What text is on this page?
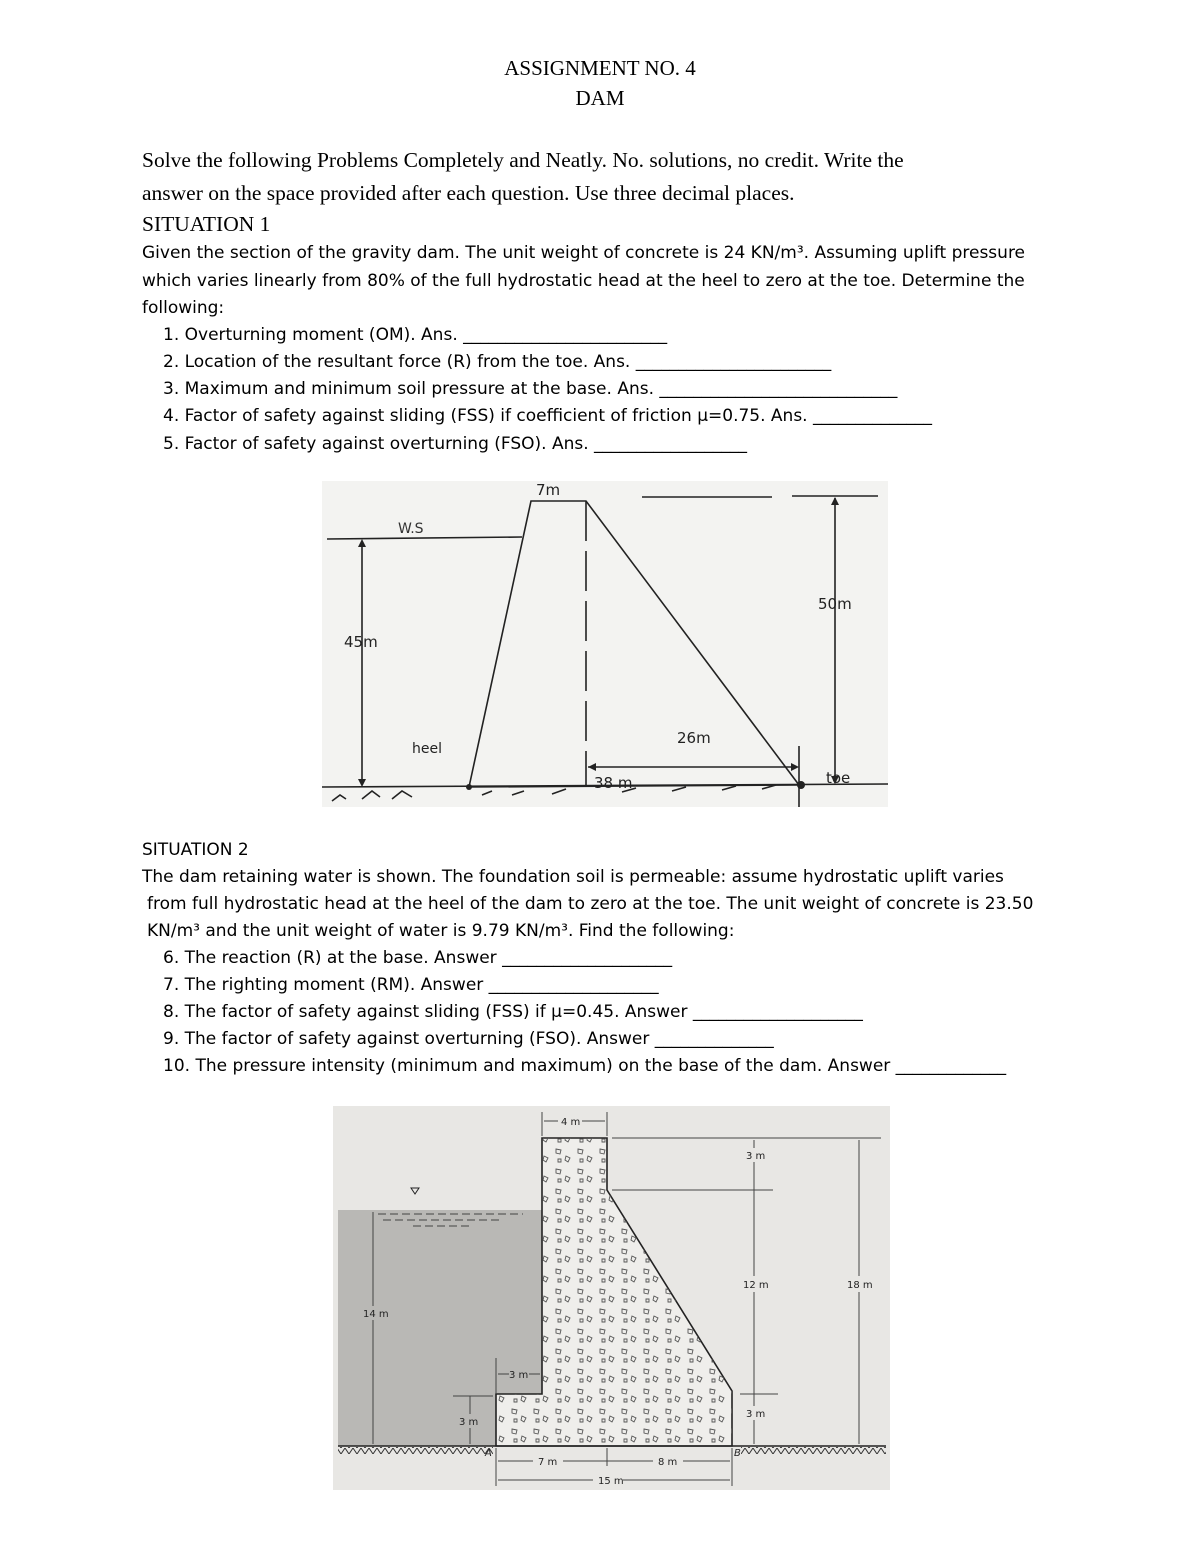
ASSIGNMENT NO. 4
DAM
Solve the following Problems Completely and Neatly. No. solutions, no credit. Write the
answer on the space provided after each question. Use three decimal places.
SITUATION 1
Given the section of the gravity dam. The unit weight of concrete is 24 KN/m³. Assuming uplift pressure
which varies linearly from 80% of the full hydrostatic head at the heel to zero at the toe. Determine the
following:
1. Overturning moment (OM). Ans. ________________________
2. Location of the resultant force (R) from the toe. Ans. _______________________
3. Maximum and minimum soil pressure at the base. Ans. ____________________________
4. Factor of safety against sliding (FSS) if coefficient of friction μ=0.75. Ans. ______________
5. Factor of safety against overturning (FSO). Ans. __________________
W.S
7m
50m
45m
26m
38 m
heel
toe
SITUATION 2
The dam retaining water is shown. The foundation soil is permeable: assume hydrostatic uplift varies
from full hydrostatic head at the heel of the dam to zero at the toe. The unit weight of concrete is 23.50
KN/m³ and the unit weight of water is 9.79 KN/m³. Find the following:
6. The reaction (R) at the base. Answer ____________________
7. The righting moment (RM). Answer ____________________
8. The factor of safety against sliding (FSS) if μ=0.45. Answer ____________________
9. The factor of safety against overturning (FSO). Answer ______________
10. The pressure intensity (minimum and maximum) on the base of the dam. Answer _____________
3 m
12 m	18 m
3 m
14 m
3 m
3 m
4 m
7 m	8 m
15 m
A	B
